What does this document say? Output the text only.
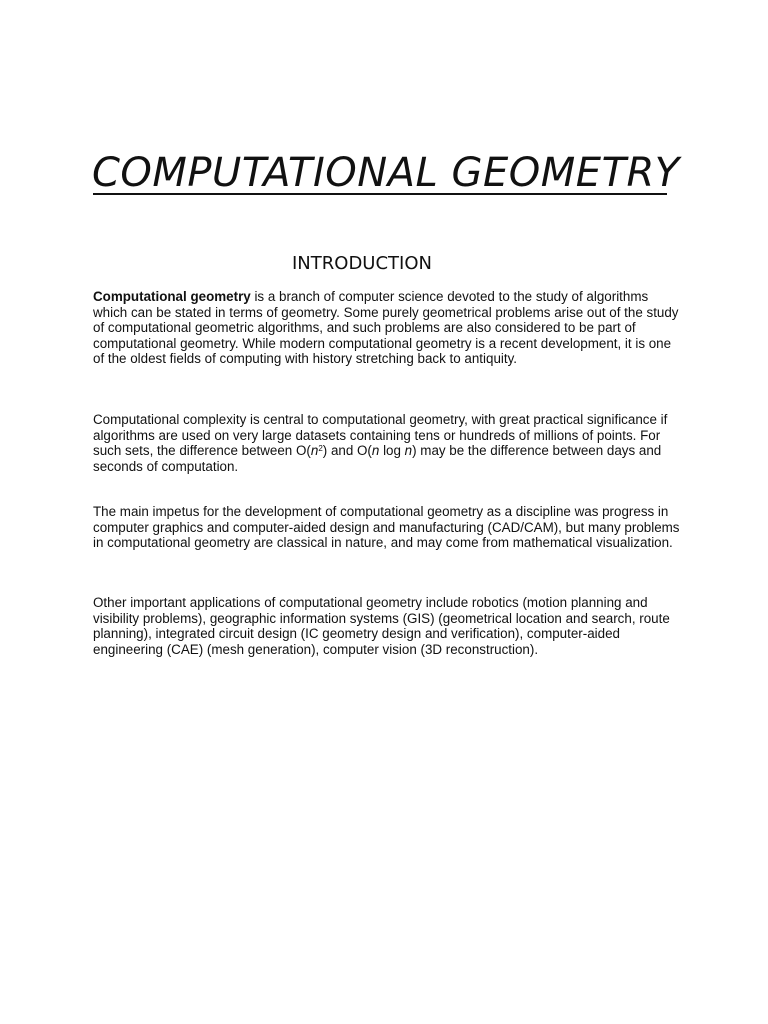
COMPUTATIONAL GEOMETRY
INTRODUCTION

Computational geometry is a branch of computer science devoted to the study of algorithms which can be stated in terms of geometry. Some purely geometrical problems arise out of the study of computational geometric algorithms, and such problems are also considered to be part of computational geometry. While modern computational geometry is a recent development, it is one of the oldest fields of computing with history stretching back to antiquity.

Computational complexity is central to computational geometry, with great practical significance if algorithms are used on very large datasets containing tens or hundreds of millions of points. For such sets, the difference between $O(n^2)$ and O(n log n) may be the difference between days and seconds of computation.

The main impetus for the development of computational geometry as a discipline was progress in computer graphics and computer-aided design and manufacturing (CAD/CAM), but many problems in computational geometry are classical in nature, and may come from mathematical visualization.

Other important applications of computational geometry include robotics (motion planning and visibility problems), geographic information systems (GIS) (geometrical location and search, route planning), integrated circuit design (IC geometry design and verification), computer-aided engineering (CAE) (mesh generation), computer vision (3D reconstruction).
